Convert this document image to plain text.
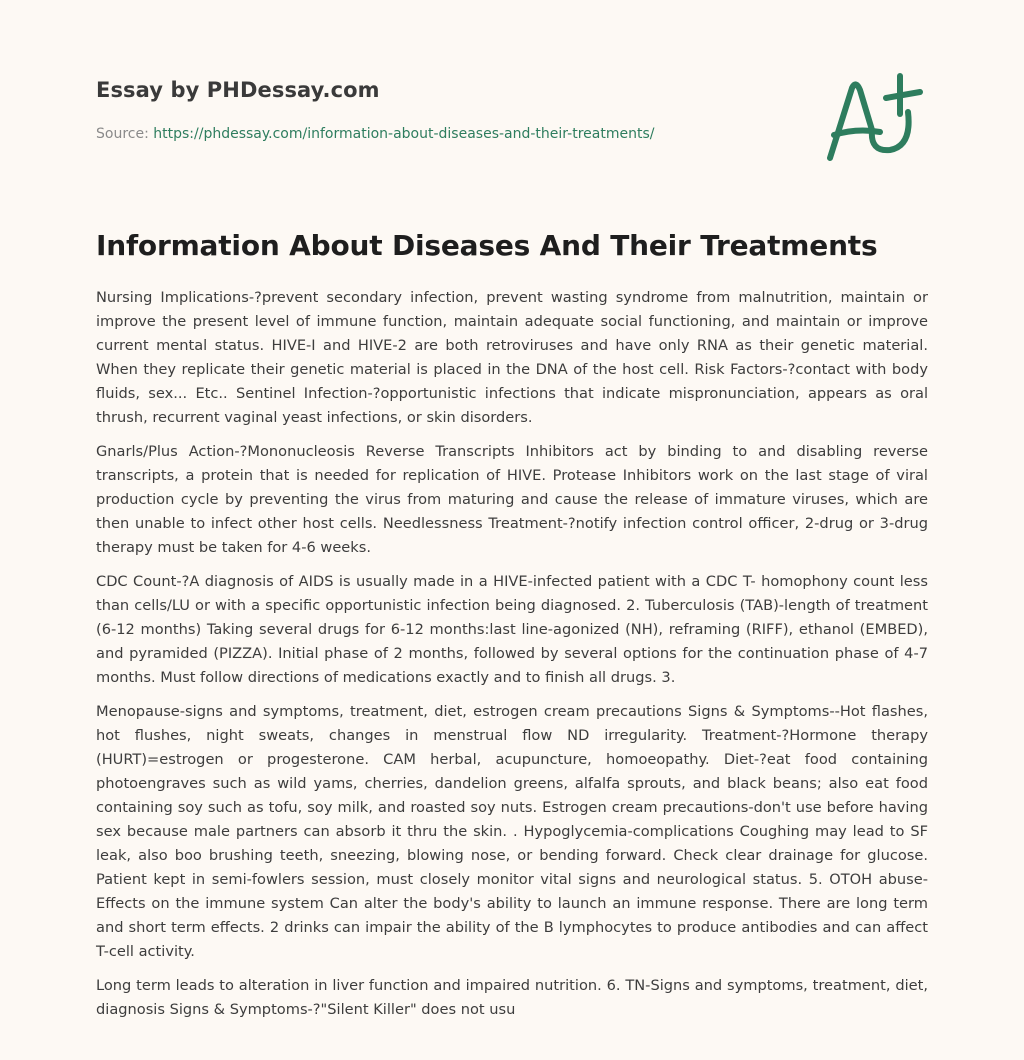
Essay by PHDessay.com
Source: https://phdessay.com/information-about-diseases-and-their-treatments/
Information About Diseases And Their Treatments

Nursing Implications-?prevent secondary infection, prevent wasting syndrome from malnutrition, maintain or improve the present level of immune function, maintain adequate social functioning, and maintain or improve current mental status. HIVE-I and HIVE-2 are both retroviruses and have only RNA as their genetic material. When they replicate their genetic material is placed in the DNA of the host cell. Risk Factors-?contact with body fluids, sex... Etc.. Sentinel Infection-?opportunistic infections that indicate mispronunciation, appears as oral thrush, recurrent vaginal yeast infections, or skin disorders.

Gnarls/Plus Action-?Mononucleosis Reverse Transcripts Inhibitors act by binding to and disabling reverse transcripts, a protein that is needed for replication of HIVE. Protease Inhibitors work on the last stage of viral production cycle by preventing the virus from maturing and cause the release of immature viruses, which are then unable to infect other host cells. Needlessness Treatment-?notify infection control officer, 2-drug or 3-drug therapy must be taken for 4-6 weeks.

CDC Count-?A diagnosis of AIDS is usually made in a HIVE-infected patient with a CDC T- homophony count less than cells/LU or with a specific opportunistic infection being diagnosed. 2. Tuberculosis (TAB)-length of treatment (6-12 months) Taking several drugs for 6-12 months:last line-agonized (NH), reframing (RIFF), ethanol (EMBED), and pyramided (PIZZA). Initial phase of 2 months, followed by several options for the continuation phase of 4-7 months. Must follow directions of medications exactly and to finish all drugs. 3.

Menopause-signs and symptoms, treatment, diet, estrogen cream precautions Signs & Symptoms--Hot flashes, hot flushes, night sweats, changes in menstrual flow ND irregularity. Treatment-?Hormone therapy (HURT)=estrogen or progesterone. CAM herbal, acupuncture, homoeopathy. Diet-?eat food containing photoengraves such as wild yams, cherries, dandelion greens, alfalfa sprouts, and black beans; also eat food containing soy such as tofu, soy milk, and roasted soy nuts. Estrogen cream precautions-don't use before having sex because male partners can absorb it thru the skin. . Hypoglycemia-complications Coughing may lead to SF leak, also boo brushing teeth, sneezing, blowing nose, or bending forward. Check clear drainage for glucose. Patient kept in semi-fowlers session, must closely monitor vital signs and neurological status. 5. OTOH abuse-Effects on the immune system Can alter the body's ability to launch an immune response. There are long term and short term effects. 2 drinks can impair the ability of the B lymphocytes to produce antibodies and can affect T-cell activity.

Long term leads to alteration in liver function and impaired nutrition. 6. TN-Signs and symptoms, treatment, diet, diagnosis Signs & Symptoms-?"Silent Killer" does not usu
